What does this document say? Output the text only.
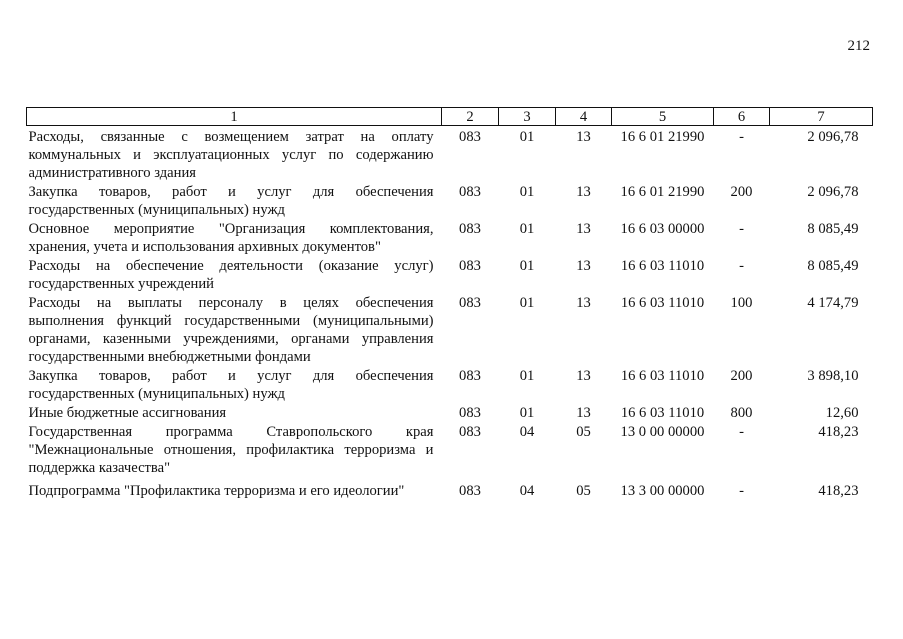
212
1	2	3	4	5	6	7

Расходы, связанные с возмещением затрат на оплату коммунальных и эксплуатационных услуг по содержанию административного здания	083	01	13	16 6 01 21990	-	2 096,78
Закупка товаров, работ и услуг для обеспечения государственных (муниципальных) нужд	083	01	13	16 6 01 21990	200	2 096,78
Основное мероприятие "Организация комплектования, хранения, учета и использования архивных документов"	083	01	13	16 6 03 00000	-	8 085,49
Расходы на обеспечение деятельности (оказание услуг) государственных учреждений	083	01	13	16 6 03 11010	-	8 085,49
Расходы на выплаты персоналу в целях обеспечения выполнения функций государственными (муниципальными) органами, казенными учреждениями, органами управления государственными внебюджетными фондами	083	01	13	16 6 03 11010	100	4 174,79
Закупка товаров, работ и услуг для обеспечения государственных (муниципальных) нужд	083	01	13	16 6 03 11010	200	3 898,10
Иные бюджетные ассигнования	083	01	13	16 6 03 11010	800	12,60
Государственная программа Ставропольского края "Межнациональные отношения, профилактика терроризма и поддержка казачества"	083	04	05	13 0 00 00000	-	418,23

Подпрограмма "Профилактика терроризма и его идеологии"	083	04	05	13 3 00 00000	-	418,23
